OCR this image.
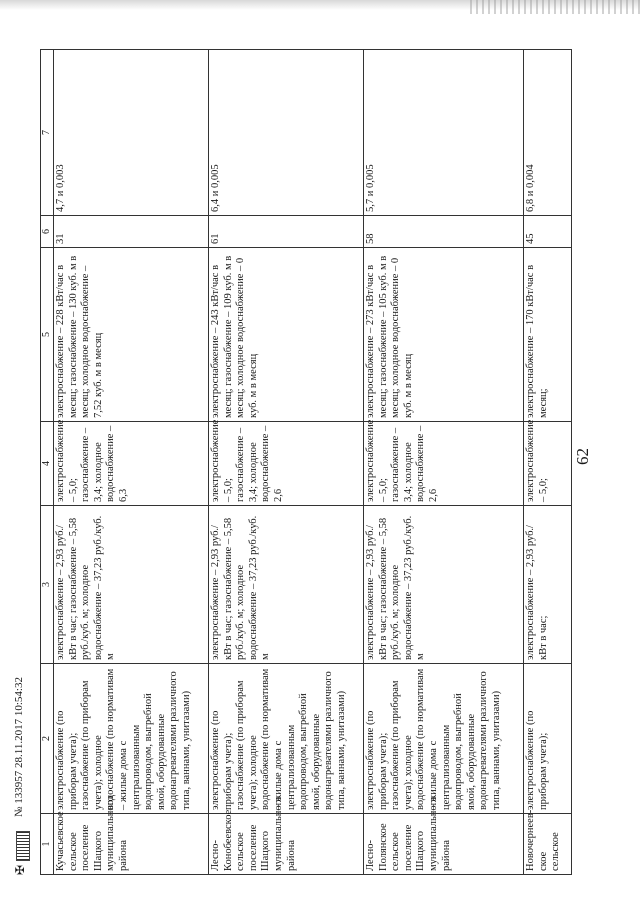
62
1	2	3	4	5	6	7
Кучасьевское сельское поселение Шацкого муниципального района	электроснабжение (по приборам учета); газоснабжение (по приборам учета); холодное водоснабжение (по нормативам – жилые дома с централизованным водопроводом, выгребной ямой, оборудованные водонагревателями различного типа, ваннами, унитазами)	электроснабжение – 2,93 руб./кВт в час; газоснабжение – 5,58 руб./куб. м; холодное водоснабжение – 37,23 руб./куб. м	электроснабжение – 5,0; газоснабжение – 3,4; холодное водоснабжение – 6,3	электроснабжение – 228 кВт/час в месяц; газоснабжение – 130 куб. м в месяц; холодное водоснабжение – 7,52 куб. м в месяц	31	4,7 и 0,003
Лесно-Конобеевское сельское поселение Шацкого муниципального района	электроснабжение (по приборам учета); газоснабжение (по приборам учета); холодное водоснабжение (по нормативам – жилые дома с централизованным водопроводом, выгребной ямой, оборудованные водонагревателями различного типа, ваннами, унитазами)	электроснабжение – 2,93 руб./кВт в час; газоснабжение – 5,58 руб./куб. м; холодное водоснабжение – 37,23 руб./куб. м	электроснабжение – 5,0; газоснабжение – 3,4; холодное водоснабжение – 2,6	электроснабжение – 243 кВт/час в месяц; газоснабжение – 109 куб. м в месяц; холодное водоснабжение – 0 куб. м в месяц	61	6,4 и 0,005
Лесно-Полянское сельское поселение Шацкого муниципального района	электроснабжение (по приборам учета); газоснабжение (по приборам учета); холодное водоснабжение (по нормативам – жилые дома с централизованным водопроводом, выгребной ямой, оборудованные водонагревателями различного типа, ваннами, унитазами)	электроснабжение – 2,93 руб./кВт в час; газоснабжение – 5,58 руб./куб. м; холодное водоснабжение – 37,23 руб./куб. м	электроснабжение – 5,0; газоснабжение – 3,4; холодное водоснабжение – 2,6	электроснабжение – 273 кВт/час в месяц; газоснабжение – 105 куб. м в месяц; холодное водоснабжение – 0 куб. м в месяц	58	5,7 и 0,005
Новочернеев-ское сельское	электроснабжение (по приборам учета);	электроснабжение – 2,93 руб./кВт в час;	электроснабжение – 5,0;	электроснабжение – 170 кВт/час в месяц;	45	6,8 и 0,004
✠
№ 133957 28.11.2017 10:54:32
